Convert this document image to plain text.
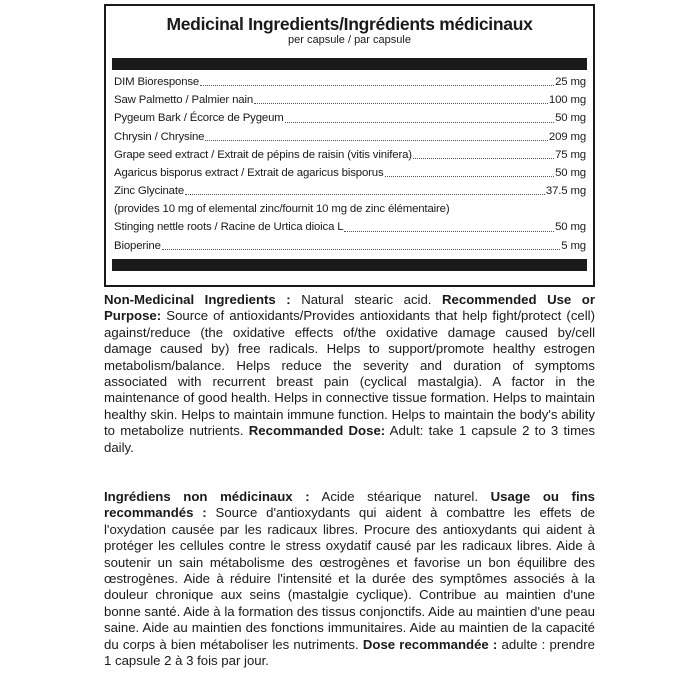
Medicinal Ingredients/Ingrédients médicinaux
per capsule / par capsule
DIM Bioresponse	25 mg
Saw Palmetto / Palmier nain	100 mg
Pygeum Bark / Écorce de Pygeum	50 mg
Chrysin / Chrysine	209 mg
Grape seed extract / Extrait de pépins de raisin (vitis vinifera)	75 mg
Agaricus bisporus extract / Extrait de agaricus bisporus	50 mg
Zinc Glycinate	37.5 mg
(provides 10 mg of elemental zinc/fournit 10 mg de zinc élémentaire)
Stinging nettle roots / Racine de Urtica dioica L	50 mg
Bioperine	5 mg

Non-Medicinal Ingredients : Natural stearic acid. Recommended Use or Purpose: Source of antioxidants/Provides antioxidants that help fight/protect (cell) against/reduce (the oxidative effects of/the oxidative damage caused by/cell damage caused by) free radicals. Helps to support/promote healthy estrogen metabolism/balance. Helps reduce the severity and duration of symptoms associated with recurrent breast pain (cyclical mastalgia). A factor in the maintenance of good health. Helps in connective tissue formation. Helps to maintain healthy skin. Helps to maintain immune function. Helps to maintain the body's ability to metabolize nutrients. Recommanded Dose: Adult: take 1 capsule 2 to 3 times daily.

Ingrédiens non médicinaux : Acide stéarique naturel. Usage ou fins recommandés : Source d'antioxydants qui aident à combattre les effets de l'oxydation causée par les radicaux libres. Procure des antioxydants qui aident à protéger les cellules contre le stress oxydatif causé par les radicaux libres. Aide à soutenir un sain métabolisme des œstrogènes et favorise un bon équilibre des œstrogènes. Aide à réduire l'intensité et la durée des symptômes associés à la douleur chronique aux seins (mastalgie cyclique). Contribue au maintien d'une bonne santé. Aide à la formation des tissus conjonctifs. Aide au maintien d'une peau saine. Aide au maintien des fonctions immunitaires. Aide au maintien de la capacité du corps à bien métaboliser les nutriments. Dose recommandée : adulte : prendre 1 capsule 2 à 3 fois par jour.
